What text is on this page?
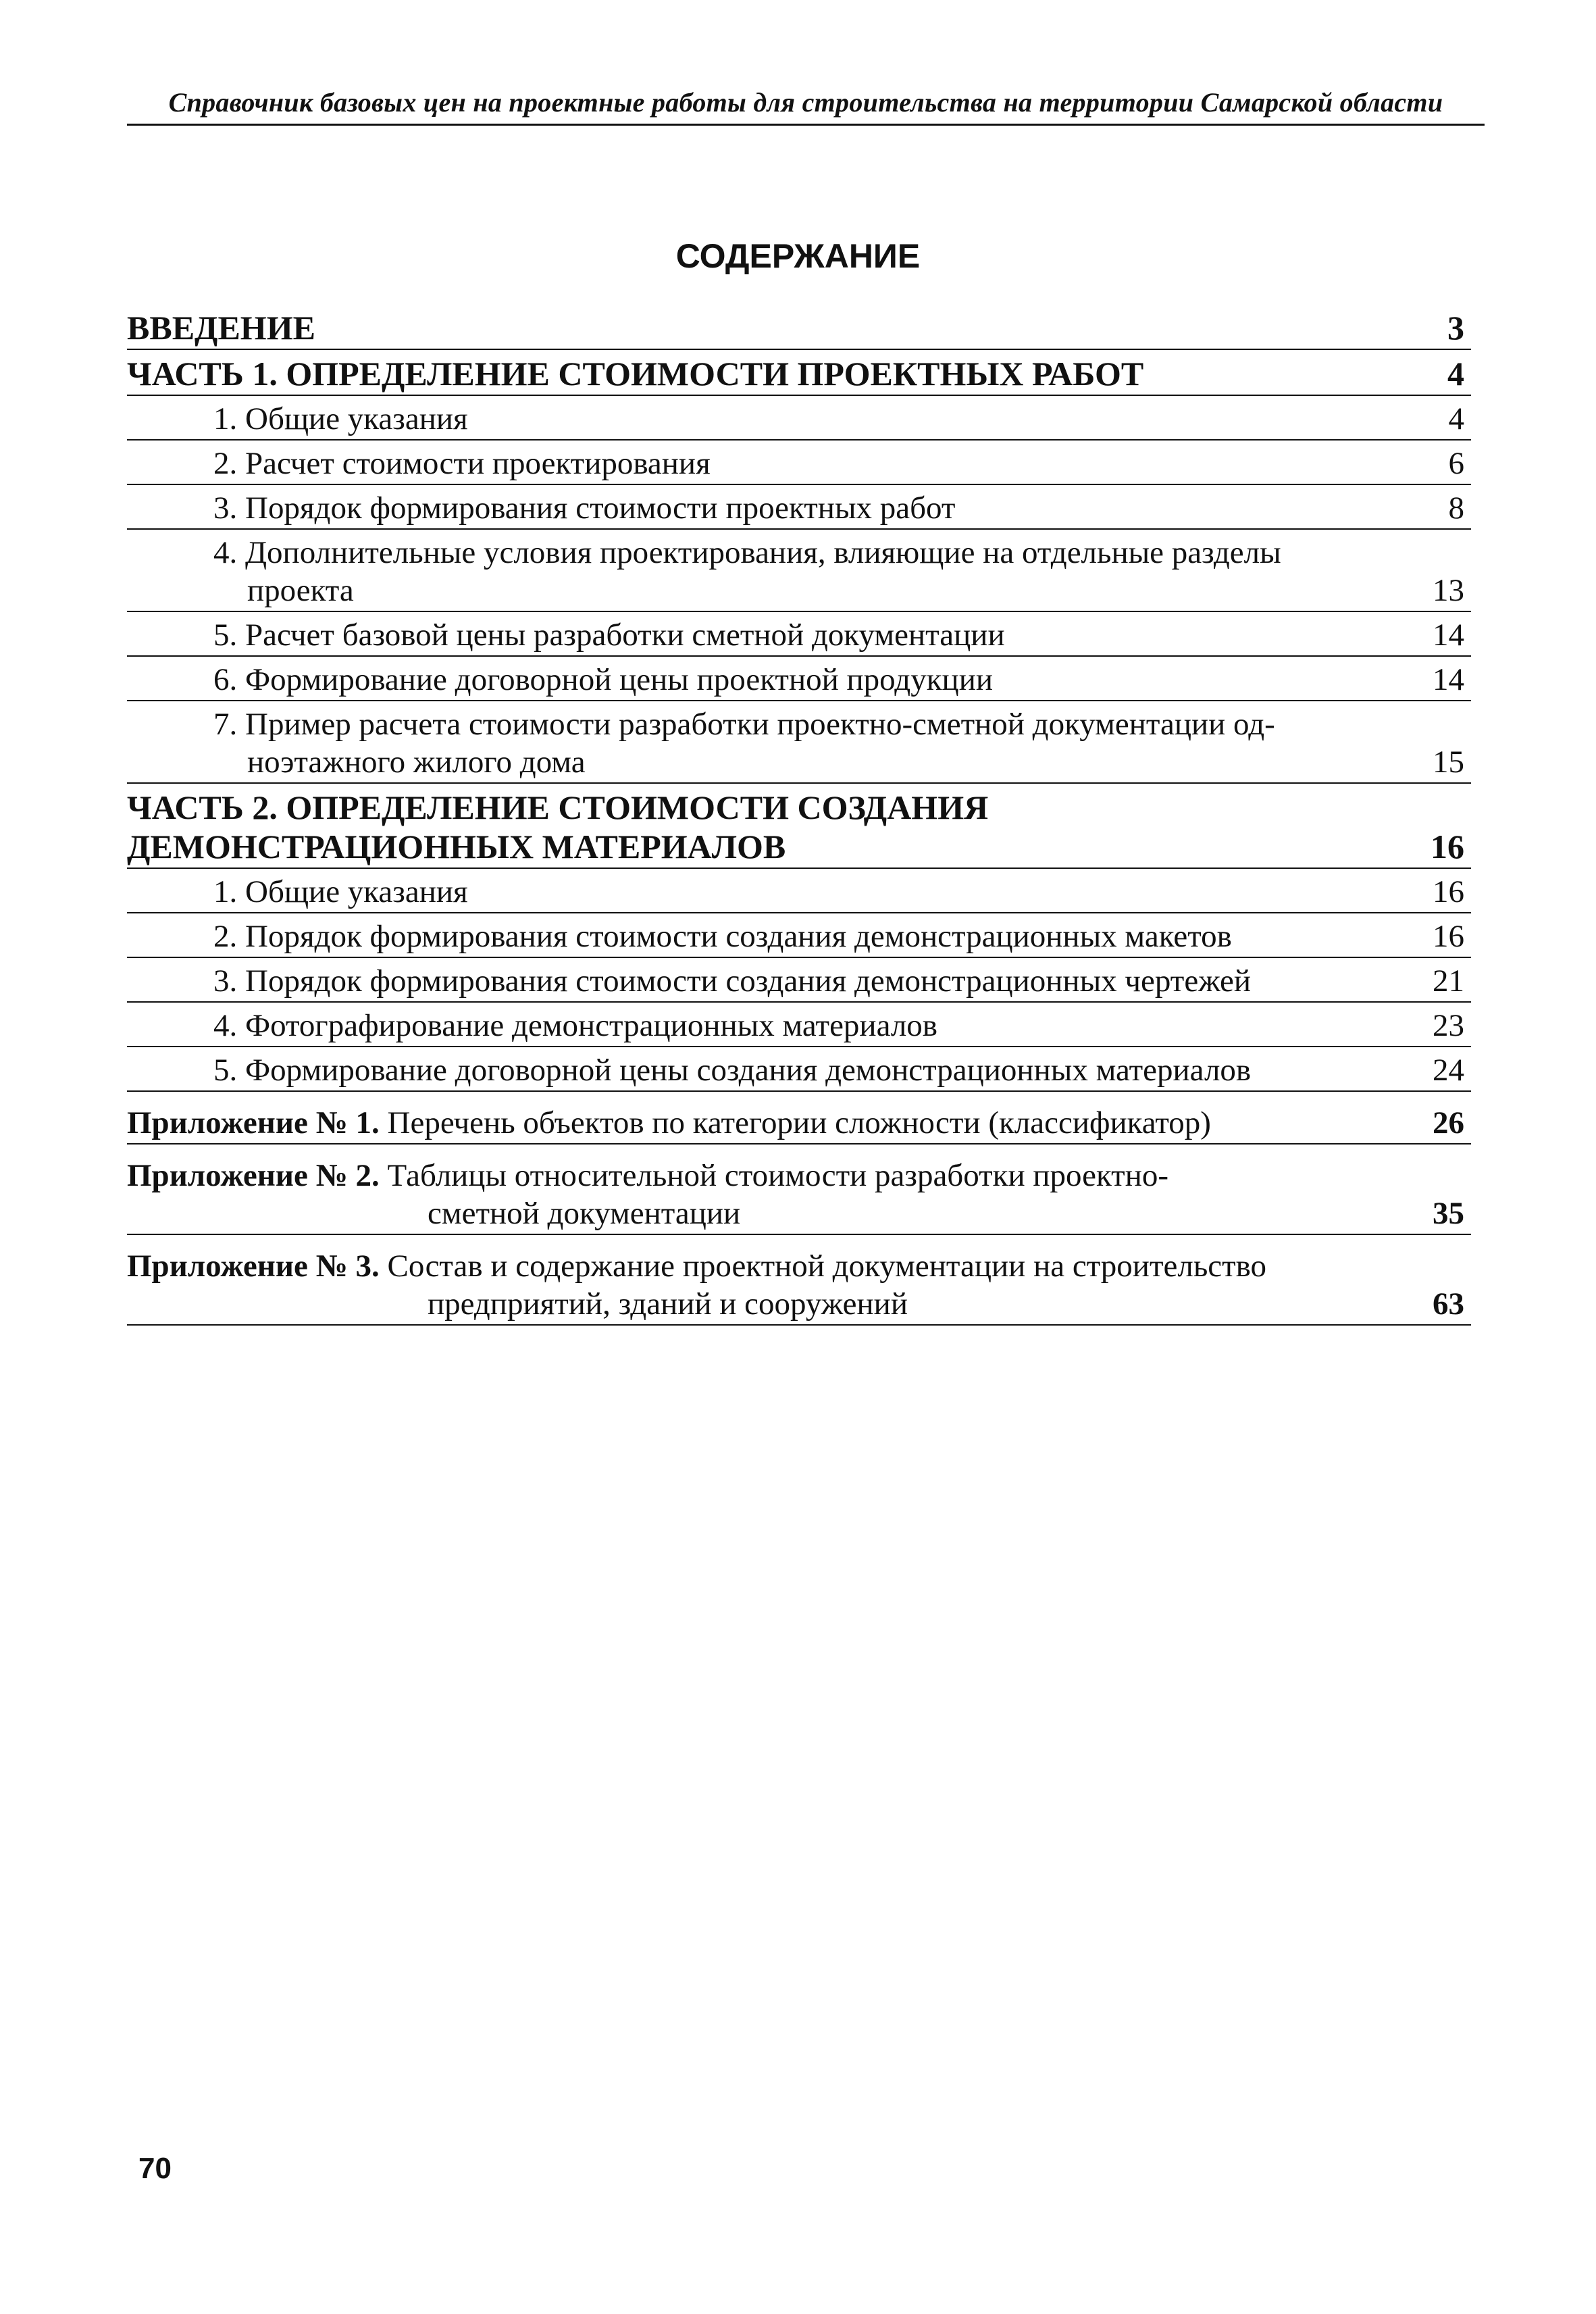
Справочник базовых цен на проектные работы для строительства на территории Самарской области
СОДЕРЖАНИЕ
ВВЕДЕНИЕ	3
ЧАСТЬ 1. ОПРЕДЕЛЕНИЕ СТОИМОСТИ ПРОЕКТНЫХ РАБОТ	4
1. Общие указания	4
2. Расчет стоимости проектирования	6
3. Порядок формирования стоимости проектных работ	8
4. Дополнительные условия проектирования, влияющие на отдельные разделы
проекта	13
5. Расчет базовой цены разработки сметной документации	14
6. Формирование договорной цены проектной продукции	14
7. Пример расчета стоимости разработки проектно-сметной документации од-
ноэтажного жилого дома	15
ЧАСТЬ 2. ОПРЕДЕЛЕНИЕ СТОИМОСТИ СОЗДАНИЯ
ДЕМОНСТРАЦИОННЫХ МАТЕРИАЛОВ	16
1. Общие указания	16
2. Порядок формирования стоимости создания демонстрационных макетов	16
3. Порядок формирования стоимости создания демонстрационных чертежей	21
4. Фотографирование демонстрационных материалов	23
5. Формирование договорной цены создания демонстрационных материалов	24
Приложение № 1. Перечень объектов по категории сложности (классификатор)	26
Приложение № 2. Таблицы относительной стоимости разработки проектно-
сметной документации	35
Приложение № 3. Состав и содержание проектной документации на строительство
предприятий, зданий и сооружений	63
70
